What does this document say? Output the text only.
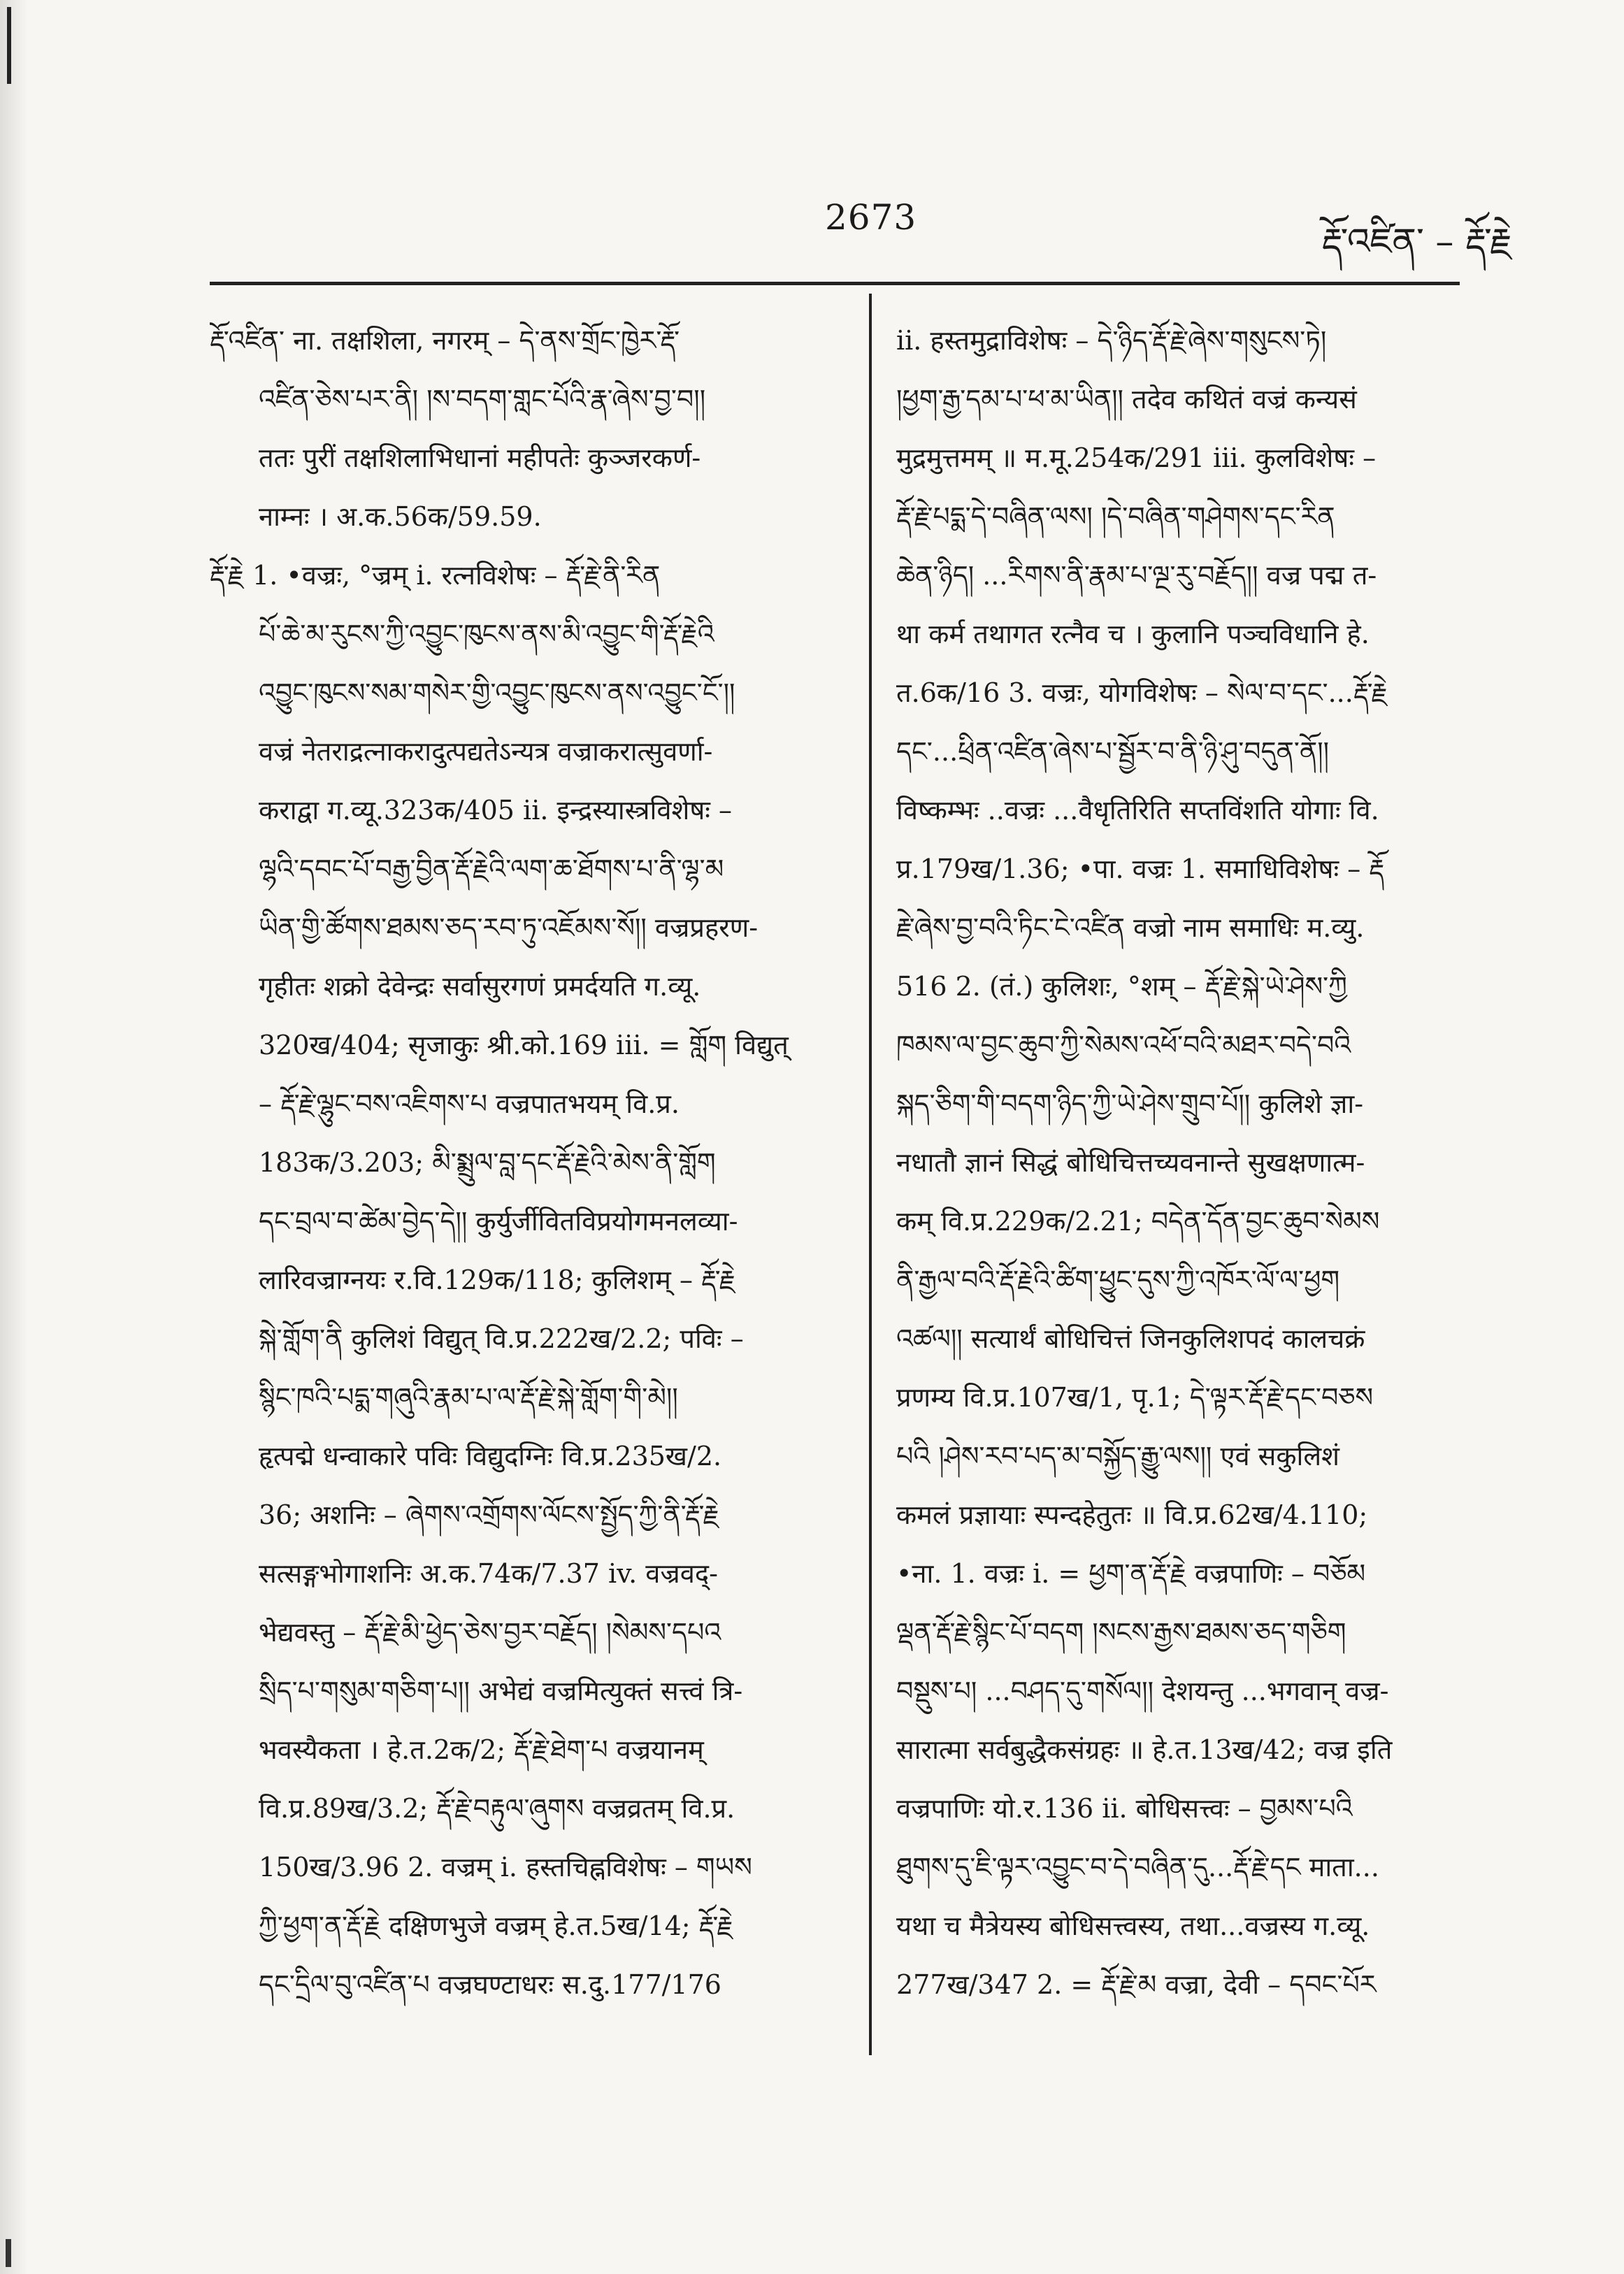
2673
རྡོ་འཛིན་ – རྡོ་རྗེ
རྡོ་འཛིན་ ना. तक्षशिला, नगरम् – དེ་ནས་གྲོང་ཁྱེར་རྡོ་
འཛིན་ཅེས་པར་ནི། །ས་བདག་གླང་པོའི་རྣ་ཞེས་བྱ་བ།།
ततः पुरीं तक्षशिलाभिधानां महीपतेः कुञ्जरकर्ण-
नाम्नः । अ.क.56क/59.59.
རྡོ་རྗེ 1. •वज्रः, °ज्रम् i. रत्नविशेषः – རྡོ་རྗེ་ནི་རིན
པོ་ཆེ་མ་རུངས་ཀྱི་འབྱུང་ཁུངས་ནས་མི་འབྱུང་གི་རྡོ་རྗེའི
འབྱུང་ཁུངས་སམ་གསེར་གྱི་འབྱུང་ཁུངས་ནས་འབྱུང་ངོ་།།
वज्रं नेतराद्रत्नाकरादुत्पद्यतेऽन्यत्र वज्राकरात्सुवर्णा-
कराद्वा ग.व्यू.323क/405 ii. इन्द्रस्यास्त्रविशेषः –
ལྷའི་དབང་པོ་བརྒྱ་བྱིན་རྡོ་རྗེའི་ལག་ཆ་ཐོགས་པ་ནི་ལྷ་མ
ཡིན་གྱི་ཚོགས་ཐམས་ཅད་རབ་ཏུ་འཇོམས་སོ།། वज्रप्रहरण-
गृहीतः शक्रो देवेन्द्रः सर्वासुरगणं प्रमर्दयति ग.व्यू.
320ख/404; सृजाकुः श्री.को.169 iii. = གློག विद्युत्
– རྡོ་རྗེ་ལྷུང་བས་འཇིགས་པ वज्रपातभयम् वि.प्र.
183क/3.203; མི་སྨྲུལ་བླ་དང་རྡོ་རྗེའི་མེས་ནི་གློག
དང་བྲལ་བ་ཚེམ་བྱེད་དེ།། कुर्युर्जीवितविप्रयोगमनलव्या-
लारिवज्राग्नयः र.वि.129क/118; कुलिशम् – རྡོ་རྗེ
སྐེ་གློག་ནི कुलिशं विद्युत् वि.प्र.222ख/2.2; पविः –
སྙིང་ཁའི་པདྨ་གཞུའི་རྣམ་པ་ལ་རྡོ་རྗེ་སྐེ་གློག་གི་མེ།།
हृत्पद्मे धन्वाकारे पविः विद्युदग्निः वि.प्र.235ख/2.
36; अशनिः – ཞེགས་འགྲོགས་ལོངས་སྤྱོད་ཀྱི་ནི་རྡོ་རྗེ
सत्सङ्गभोगाशनिः अ.क.74क/7.37 iv. वज्रवद्-
भेद्यवस्तु – རྡོ་རྗེ་མི་ཕྱེད་ཅེས་བྱར་བརྗོད། །སེམས་དཔའ
སྲིད་པ་གསུམ་གཅིག་པ།། अभेद्यं वज्रमित्युक्तं सत्त्वं त्रि-
भवस्यैकता । हे.त.2क/2; རྡོ་རྗེ་ཐེག་པ वज्रयानम्
वि.प्र.89ख/3.2; རྡོ་རྗེ་བརྟུལ་ཞུགས वज्रव्रतम् वि.प्र.
150ख/3.96 2. वज्रम् i. हस्तचिह्नविशेषः – གཡས
ཀྱི་ཕྱག་ན་རྡོ་རྗེ दक्षिणभुजे वज्रम् हे.त.5ख/14; རྡོ་རྗེ
དང་དྲིལ་བུ་འཛིན་པ वज्रघण्टाधरः स.दु.177/176
ii. हस्तमुद्राविशेषः – དེ་ཉིད་རྡོ་རྗེ་ཞེས་གསུངས་ཏེ།
།ཕྱག་རྒྱ་དམ་པ་ཕ་མ་ཡིན།། तदेव कथितं वज्रं कन्यसं
मुद्रमुत्तमम् ॥ म.मू.254क/291 iii. कुलविशेषः –
རྡོ་རྗེ་པདྨ་དེ་བཞིན་ལས། །དེ་བཞིན་གཤེགས་དང་རིན
ཆེན་ཉིད། ...རིགས་ནི་རྣམ་པ་ལྔ་རུ་བརྗོད།། वज्र पद्म त-
था कर्म तथागत रत्नैव च । कुलानि पञ्चविधानि हे.
त.6क/16 3. वज्रः, योगविशेषः – སེལ་བ་དང་...རྡོ་རྗེ
དང་...ཕྲིན་འཛིན་ཞེས་པ་སྦྱོར་བ་ནི་ཉི་ཤུ་བདུན་ནོ།།
विष्कम्भः ..वज्रः ...वैधृतिरिति सप्तविंशति योगाः वि.
प्र.179ख/1.36; •पा. वज्रः 1. समाधिविशेषः – རྡོ
རྗེ་ཞེས་བྱ་བའི་ཏིང་ངེ་འཛིན वज्रो नाम समाधिः म.व्यु.
516 2. (तं.) कुलिशः, °शम् – རྡོ་རྗེ་སྐེ་ཡེ་ཤེས་ཀྱི
ཁམས་ལ་བྱང་ཆུབ་ཀྱི་སེམས་འཕོ་བའི་མཐར་བདེ་བའི
སྐད་ཅིག་གི་བདག་ཉིད་ཀྱི་ཡེ་ཤེས་གྲུབ་པོ།། कुलिशे ज्ञा-
नधातौ ज्ञानं सिद्धं बोधिचित्तच्यवनान्ते सुखक्षणात्म-
कम् वि.प्र.229क/2.21; བདེན་དོན་བྱང་ཆུབ་སེམས
ནི་རྒྱལ་བའི་རྡོ་རྗེའི་ཚིག་ཕྱུང་དུས་ཀྱི་འཁོར་ལོ་ལ་ཕྱག
འཚལ།། सत्यार्थं बोधिचित्तं जिनकुलिशपदं कालचक्रं
प्रणम्य वि.प्र.107ख/1, पृ.1; དེ་ལྟར་རྡོ་རྗེ་དང་བཅས
པའི །ཤེས་རབ་པད་མ་བསྐྱོད་རྒྱུ་ལས།། एवं सकुलिशं
कमलं प्रज्ञायाः स्पन्दहेतुतः ॥ वि.प्र.62ख/4.110;
•ना. 1. वज्रः i. = ཕྱག་ན་རྡོ་རྗེ वज्रपाणिः – བཅོམ
ལྡན་རྡོ་རྗེ་སྙིང་པོ་བདག །སངས་རྒྱས་ཐམས་ཅད་གཅིག
བསྡུས་པ། ...བཤད་དུ་གསོལ།། देशयन्तु ...भगवान् वज्र-
सारात्मा सर्वबुद्धैकसंग्रहः ॥ हे.त.13ख/42; वज्र इति
वज्रपाणिः यो.र.136 ii. बोधिसत्त्वः – བྱམས་པའི
ཐུགས་དུ་ཇི་ལྟར་འབྱུང་བ་དེ་བཞིན་དུ...རྡོ་རྗེ་དང माता...
यथा च मैत्रेयस्य बोधिसत्त्वस्य, तथा...वज्रस्य ग.व्यू.
277ख/347 2. = རྡོ་རྗེ་མ वज्रा, देवी – དབང་པོར
